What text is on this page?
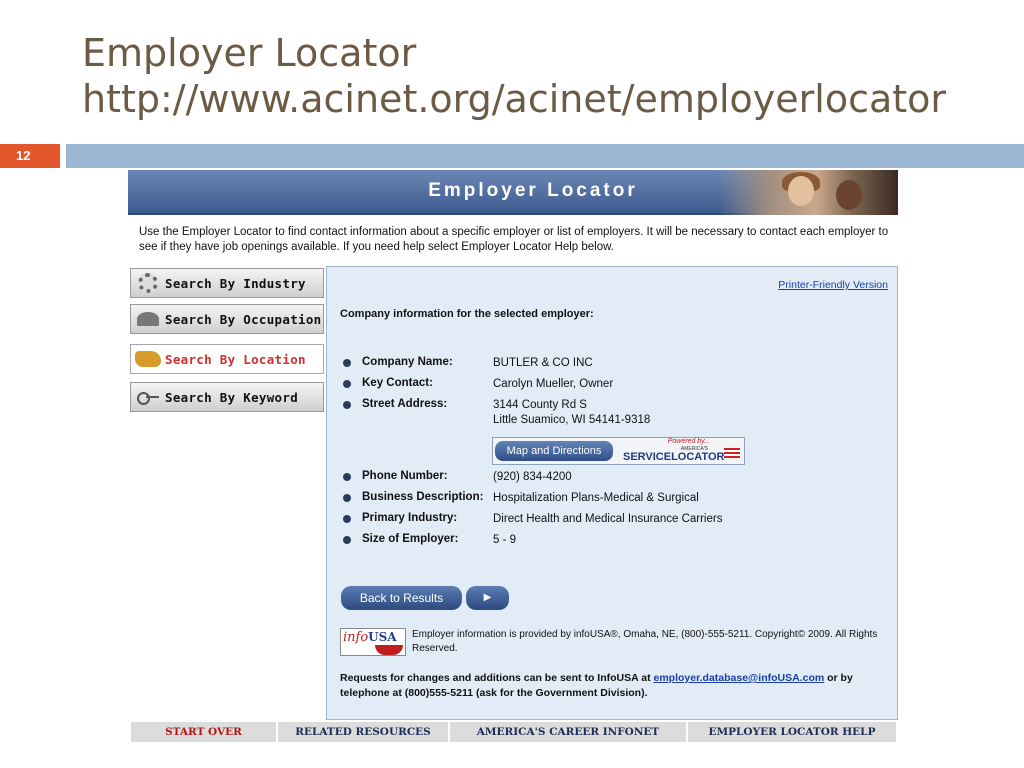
Employer Locator
http://www.acinet.org/acinet/employerlocator
12
Employer Locator
Use the Employer Locator to find contact information about a specific employer or list of employers. It will be necessary to contact each employer to see if they have job openings available. If you need help select Employer Locator Help below.
Search By Industry
Search By Occupation
Search By Location
Search By Keyword
Printer-Friendly Version
Company information for the selected employer:
Company Name:	BUTLER & CO INC
Key Contact:	Carolyn Mueller, Owner
Street Address:	3144 County Rd S
Little Suamico, WI 54141-9318
Map and Directions
Powered by...
AMERICA'S
SERVICELOCATOR
Phone Number:	(920) 834-4200
Business Description: Hospitalization Plans-Medical & Surgical
Primary Industry:	Direct Health and Medical Insurance Carriers
Size of Employer:	5 - 9
Back to Results	▶
infoUSA	Employer information is provided by infoUSA®, Omaha, NE, (800)-555-5211. Copyright© 2009. All Rights Reserved.
Requests for changes and additions can be sent to InfoUSA at employer.database@infoUSA.com or by telephone at (800)555-5211 (ask for the Government Division).
START OVER	RELATED RESOURCES	AMERICA'S CAREER INFONET	EMPLOYER LOCATOR HELP
